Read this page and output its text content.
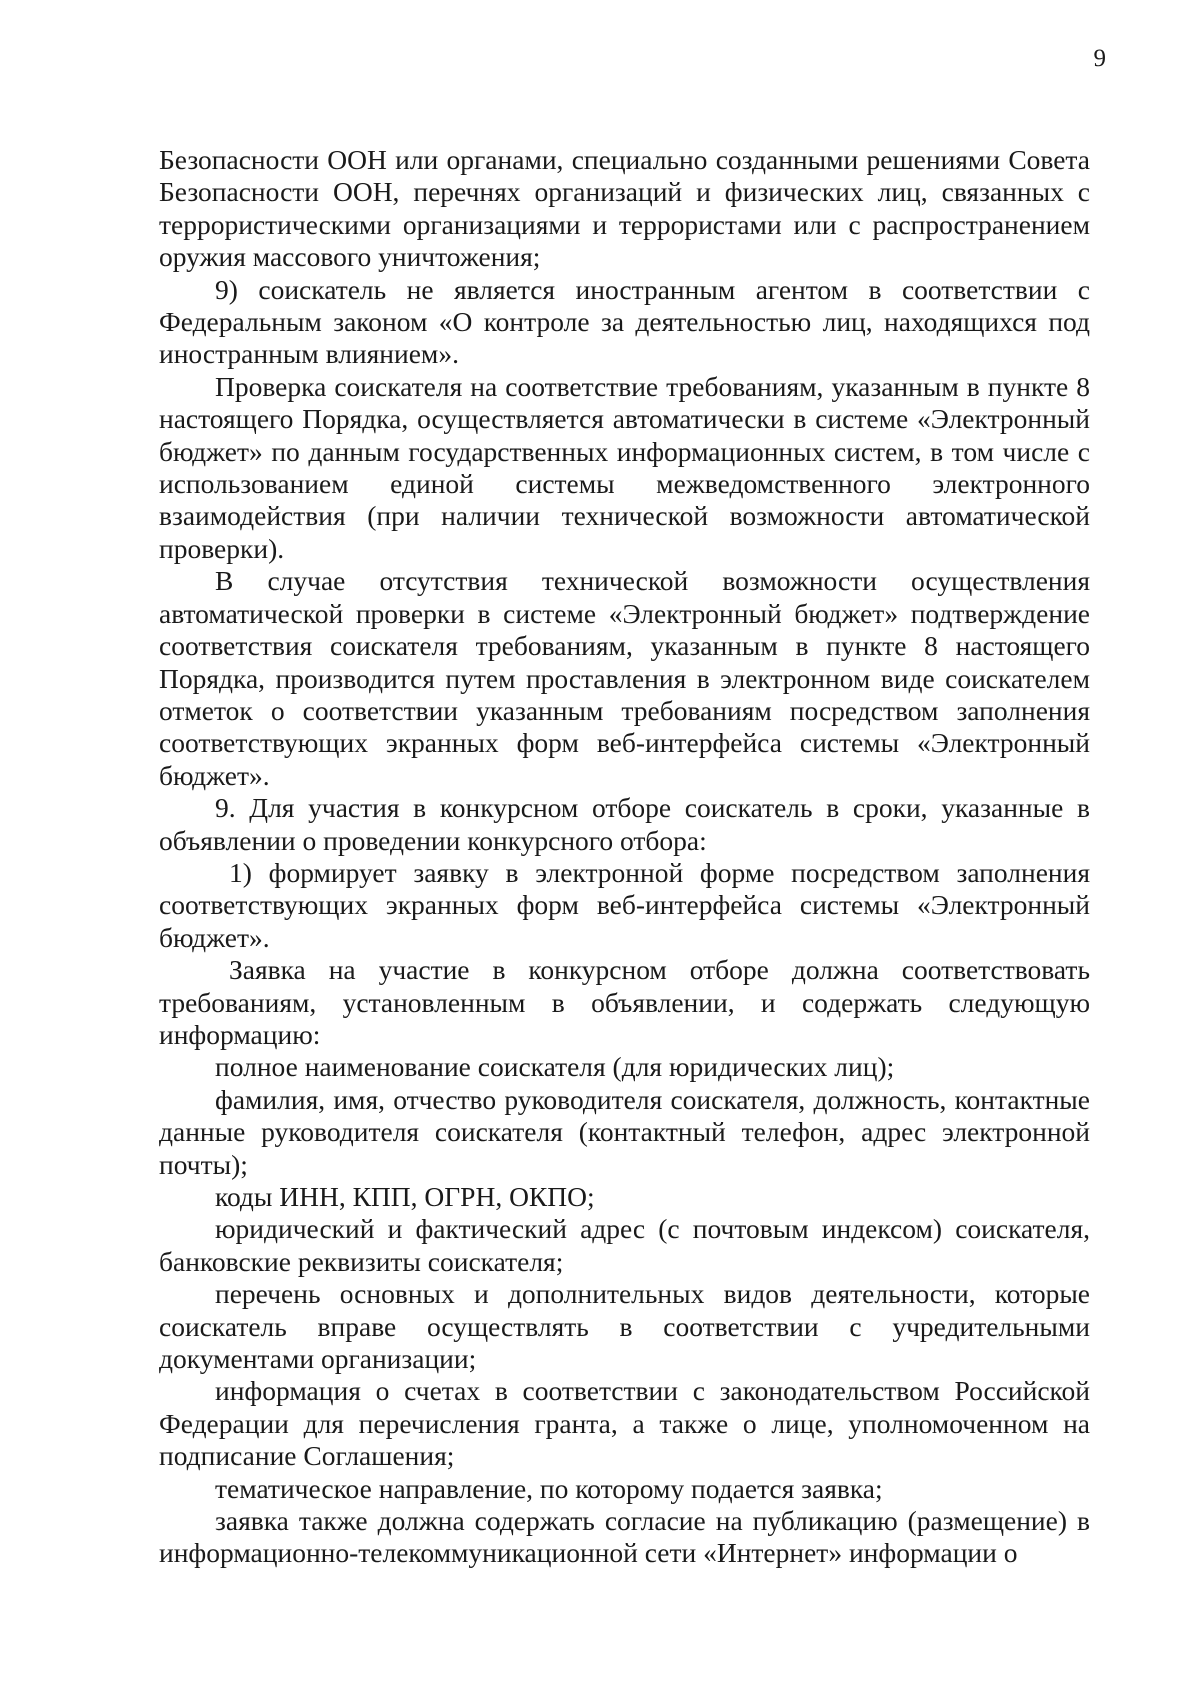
9

Безопасности ООН или органами, специально созданными решениями Совета Безопасности ООН, перечнях организаций и физических лиц, связанных с террористическими организациями и террористами или с распространением оружия массового уничтожения;

9) соискатель не является иностранным агентом в соответствии с Федеральным законом «О контроле за деятельностью лиц, находящихся под иностранным влиянием».

Проверка соискателя на соответствие требованиям, указанным в пункте 8 настоящего Порядка, осуществляется автоматически в системе «Электронный бюджет» по данным государственных информационных систем, в том числе с использованием единой системы межведомственного электронного взаимодействия (при наличии технической возможности автоматической проверки).

В случае отсутствия технической возможности осуществления автоматической проверки в системе «Электронный бюджет» подтверждение соответствия соискателя требованиям, указанным в пункте 8 настоящего Порядка, производится путем проставления в электронном виде соискателем отметок о соответствии указанным требованиям посредством заполнения соответствующих экранных форм веб-интерфейса системы «Электронный бюджет».

9. Для участия в конкурсном отборе соискатель в сроки, указанные в объявлении о проведении конкурсного отбора:

1) формирует заявку в электронной форме посредством заполнения соответствующих экранных форм веб-интерфейса системы «Электронный бюджет».

Заявка на участие в конкурсном отборе должна соответствовать требованиям, установленным в объявлении, и содержать следующую информацию:

полное наименование соискателя (для юридических лиц);

фамилия, имя, отчество руководителя соискателя, должность, контактные данные руководителя соискателя (контактный телефон, адрес электронной почты);

коды ИНН, КПП, ОГРН, ОКПО;

юридический и фактический адрес (с почтовым индексом) соискателя, банковские реквизиты соискателя;

перечень основных и дополнительных видов деятельности, которые соискатель вправе осуществлять в соответствии с учредительными документами организации;

информация о счетах в соответствии с законодательством Российской Федерации для перечисления гранта, а также о лице, уполномоченном на подписание Соглашения;

тематическое направление, по которому подается заявка;

заявка также должна содержать согласие на публикацию (размещение) в информационно-телекоммуникационной сети «Интернет» информации о
